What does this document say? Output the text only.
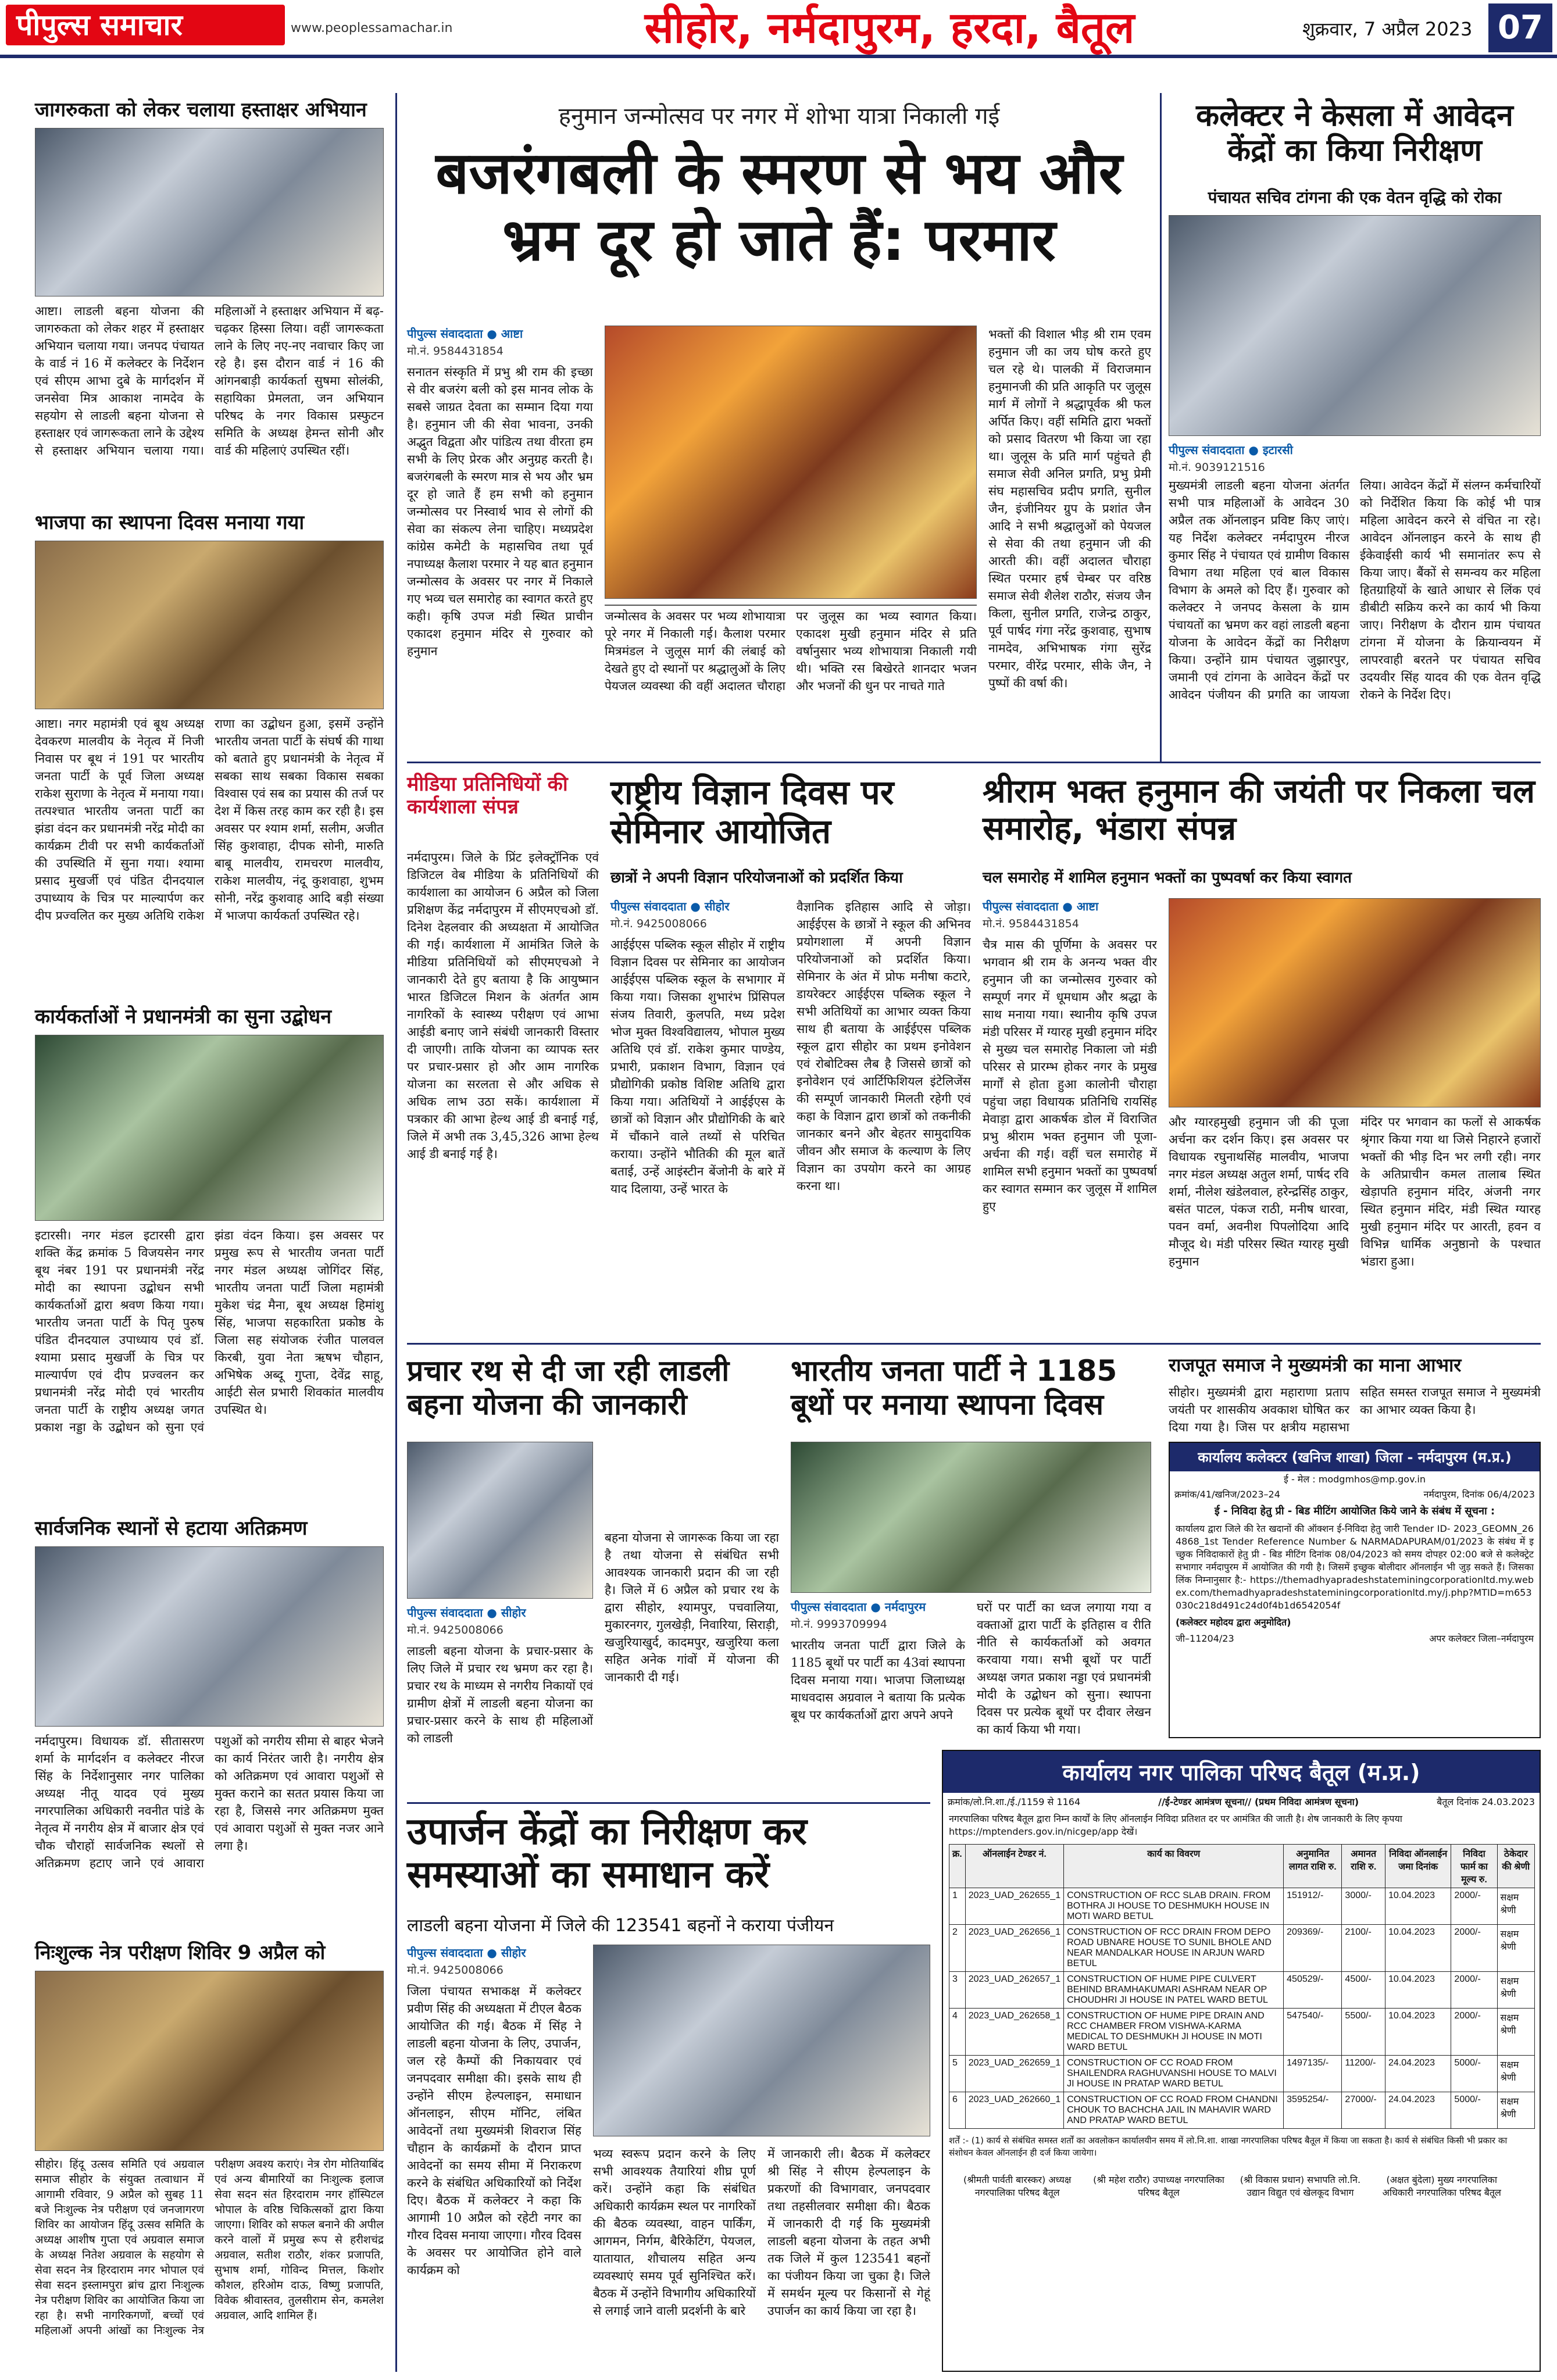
पीपुल्स समाचार	www.peoplessamachar.in	सीहोर, नर्मदापुरम, हरदा, बैतूल	शुक्रवार, 7 अप्रैल 2023 07
जागरुकता को लेकर चलाया हस्ताक्षर अभियान
आष्टा। लाडली बहना योजना की जागरुकता को लेकर शहर में हस्ताक्षर अभियान चलाया गया। जनपद पंचायत के वार्ड नं 16 में कलेक्टर के निर्देशन एवं सीएम आभा दुबे के मार्गदर्शन में जनसेवा मित्र आकाश नामदेव के सहयोग से लाडली बहना योजना से हस्ताक्षर एवं जागरूकता लाने के उद्देश्य से हस्ताक्षर अभियान चलाया गया। महिलाओं ने हस्ताक्षर अभियान में बढ़-चढ़कर हिस्सा लिया। वहीं जागरूकता लाने के लिए नए-नए नवाचार किए जा रहे है। इस दौरान वार्ड नं 16 की आंगनबाड़ी कार्यकर्ता सुषमा सोलंकी, सहायिका प्रेमलता, जन अभियान परिषद के नगर विकास प्रस्फुटन समिति के अध्यक्ष हेमन्त सोनी और वार्ड की महिलाएं उपस्थित रहीं।
भाजपा का स्थापना दिवस मनाया गया
आष्टा। नगर महामंत्री एवं बूथ अध्यक्ष देवकरण मालवीय के नेतृत्व में निजी निवास पर बूथ नं 191 पर भारतीय जनता पार्टी के पूर्व जिला अध्यक्ष राकेश सुराणा के नेतृत्व में मनाया गया। तत्पश्चात भारतीय जनता पार्टी का झंडा वंदन कर प्रधानमंत्री नरेंद्र मोदी का कार्यक्रम टीवी पर सभी कार्यकर्ताओं की उपस्थिति में सुना गया। श्यामा प्रसाद मुखर्जी एवं पंडित दीनदयाल उपाध्याय के चित्र पर माल्यार्पण कर दीप प्रज्वलित कर मुख्य अतिथि राकेश राणा का उद्बोधन हुआ, इसमें उन्होंने भारतीय जनता पार्टी के संघर्ष की गाथा को बताते हुए प्रधानमंत्री के नेतृत्व में सबका साथ सबका विकास सबका विश्वास एवं सब का प्रयास की तर्ज पर देश में किस तरह काम कर रही है। इस अवसर पर श्याम शर्मा, सलीम, अजीत सिंह कुशवाहा, दीपक सोनी, मारुति बाबू मालवीय, रामचरण मालवीय, राकेश मालवीय, नंदू कुशवाहा, शुभम सोनी, नरेंद्र कुशवाह आदि बड़ी संख्या में भाजपा कार्यकर्ता उपस्थित रहे।
कार्यकर्ताओं ने प्रधानमंत्री का सुना उद्बोधन
इटारसी। नगर मंडल इटारसी द्वारा शक्ति केंद्र क्रमांक 5 विजयसेन नगर बूथ नंबर 191 पर प्रधानमंत्री नरेंद्र मोदी का स्थापना उद्बोधन सभी कार्यकर्ताओं द्वारा श्रवण किया गया। भारतीय जनता पार्टी के पितृ पुरुष पंडित दीनदयाल उपाध्याय एवं डॉ. श्यामा प्रसाद मुखर्जी के चित्र पर माल्यार्पण एवं दीप प्रज्वलन कर प्रधानमंत्री नरेंद्र मोदी एवं भारतीय जनता पार्टी के राष्ट्रीय अध्यक्ष जगत प्रकाश नड्डा के उद्बोधन को सुना एवं झंडा वंदन किया। इस अवसर पर प्रमुख रूप से भारतीय जनता पार्टी नगर मंडल अध्यक्ष जोगिंदर सिंह, भारतीय जनता पार्टी जिला महामंत्री मुकेश चंद्र मैना, बूथ अध्यक्ष हिमांशु सिंह, भाजपा सहकारिता प्रकोष्ठ के जिला सह संयोजक रंजीत पालवल किरबी, युवा नेता ऋषभ चौहान, अभिषेक अब्दू गुप्ता, देवेंद्र साहू, आईटी सेल प्रभारी शिवकांत मालवीय उपस्थित थे।
सार्वजनिक स्थानों से हटाया अतिक्रमण
नर्मदापुरम। विधायक डॉ. सीतासरण शर्मा के मार्गदर्शन व कलेक्टर नीरज सिंह के निर्देशानुसार नगर पालिका अध्यक्ष नीतू यादव एवं मुख्य नगरपालिका अधिकारी नवनीत पांडे के नेतृत्व में नगरीय क्षेत्र में बाजार क्षेत्र एवं चौक चौराहों सार्वजनिक स्थलों से अतिक्रमण हटाए जाने एवं आवारा पशुओं को नगरीय सीमा से बाहर भेजने का कार्य निरंतर जारी है। नगरीय क्षेत्र को अतिक्रमण एवं आवारा पशुओं से मुक्त कराने का सतत प्रयास किया जा रहा है, जिससे नगर अतिक्रमण मुक्त एवं आवारा पशुओं से मुक्त नजर आने लगा है।
निःशुल्क नेत्र परीक्षण शिविर 9 अप्रैल को
सीहोर। हिंदू उत्सव समिति एवं अग्रवाल समाज सीहोर के संयुक्त तत्वाधान में आगामी रविवार, 9 अप्रैल को सुबह 11 बजे निःशुल्क नेत्र परीक्षण एवं जनजागरण शिविर का आयोजन हिंदू उत्सव समिति के अध्यक्ष आशीष गुप्ता एवं अग्रवाल समाज के अध्यक्ष नितेश अग्रवाल के सहयोग से सेवा सदन नेत्र हिरदाराम नगर भोपाल एवं सेवा सदन इस्लामपुरा ब्रांच द्वारा निःशुल्क नेत्र परीक्षण शिविर का आयोजित किया जा रहा है। सभी नागरिकगणों, बच्चों एवं महिलाओं अपनी आंखों का निःशुल्क नेत्र परीक्षण अवश्य कराएं। नेत्र रोग मोतियाबिंद एवं अन्य बीमारियों का निःशुल्क इलाज सेवा सदन संत हिरदाराम नगर हॉस्पिटल भोपाल के वरिष्ठ चिकित्सकों द्वारा किया जाएगा। शिविर को सफल बनाने की अपील करने वालों में प्रमुख रूप से हरीशचंद्र अग्रवाल, सतीश राठौर, शंकर प्रजापति, सुभाष शर्मा, गोविन्द मित्तल, किशोर कौशल, हरिओम दाऊ, विष्णु प्रजापति, विवेक श्रीवास्तव, तुलसीराम सेन, कमलेश अग्रवाल, आदि शामिल हैं।
हनुमान जन्मोत्सव पर नगर में शोभा यात्रा निकाली गई
बजरंगबली के स्मरण से भय और भ्रम दूर हो जाते हैं: परमार
पीपुल्स संवाददाता ● आष्टा
मो.नं. 9584431854
सनातन संस्कृति में प्रभु श्री राम की इच्छा से वीर बजरंग बली को इस मानव लोक के सबसे जाग्रत देवता का सम्मान दिया गया है। हनुमान जी की सेवा भावना, उनकी अद्भुत विद्वता और पांडित्य तथा वीरता हम सभी के लिए प्रेरक और अनुग्रह करती है। बजरंगबली के स्मरण मात्र से भय और भ्रम दूर हो जाते हैं हम सभी को हनुमान जन्मोत्सव पर निस्वार्थ भाव से लोगों की सेवा का संकल्प लेना चाहिए। मध्यप्रदेश कांग्रेस कमेटी के महासचिव तथा पूर्व नपाध्यक्ष कैलाश परमार ने यह बात हनुमान जन्मोत्सव के अवसर पर नगर में निकाले गए भव्य चल समारोह का स्वागत करते हुए कही। कृषि उपज मंडी स्थित प्राचीन एकादश हनुमान मंदिर से गुरुवार को हनुमान
जन्मोत्सव के अवसर पर भव्य शोभायात्रा पूरे नगर में निकाली गई। कैलाश परमार मित्रमंडल ने जुलूस मार्ग की लंबाई को देखते हुए दो स्थानों पर श्रद्धालुओं के लिए पेयजल व्यवस्था की वहीं अदालत चौराहा पर जुलूस का भव्य स्वागत किया। एकादश मुखी हनुमान मंदिर से प्रति वर्षानुसार भव्य शोभायात्रा निकाली गयी थी। भक्ति रस बिखेरते शानदार भजन और भजनों की धुन पर नाचते गाते
भक्तों की विशाल भीड़ श्री राम एवम हनुमान जी का जय घोष करते हुए चल रहे थे। पालकी में विराजमान हनुमानजी की प्रति आकृति पर जुलूस मार्ग में लोगों ने श्रद्धापूर्वक श्री फल अर्पित किए। वहीं समिति द्वारा भक्तों को प्रसाद वितरण भी किया जा रहा था। जुलूस के प्रति मार्ग पहुंचते ही समाज सेवी अनिल प्रगति, प्रभु प्रेमी संघ महासचिव प्रदीप प्रगति, सुनील जैन, इंजीनियर ग्रुप के प्रशांत जैन आदि ने सभी श्रद्धालुओं को पेयजल से सेवा की तथा हनुमान जी की आरती की। वहीं अदालत चौराहा स्थित परमार हर्ष चेम्बर पर वरिष्ठ समाज सेवी शैलेश राठौर, संजय जैन किला, सुनील प्रगति, राजेन्द्र ठाकुर, पूर्व पार्षद गंगा नरेंद्र कुशवाह, सुभाष नामदेव, अभिभाषक गंगा सुरेंद्र परमार, वीरेंद्र परमार, सीके जैन, ने पुष्पों की वर्षा की।
कलेक्टर ने केसला में आवेदन केंद्रों का किया निरीक्षण
पंचायत सचिव टांगना की एक वेतन वृद्धि को रोका
पीपुल्स संवाददाता ● इटारसी
मो.नं. 9039121516
मुख्यमंत्री लाडली बहना योजना अंतर्गत सभी पात्र महिलाओं के आवेदन 30 अप्रैल तक ऑनलाइन प्रविष्ट किए जाएं। यह निर्देश कलेक्टर नर्मदापुरम नीरज कुमार सिंह ने पंचायत एवं ग्रामीण विकास विभाग तथा महिला एवं बाल विकास विभाग के अमले को दिए हैं। गुरुवार को कलेक्टर ने जनपद केसला के ग्राम पंचायतों का भ्रमण कर वहां लाडली बहना योजना के आवेदन केंद्रों का निरीक्षण किया। उन्होंने ग्राम पंचायत जुझारपुर, जमानी एवं टांगना के आवेदन केंद्रों पर आवेदन पंजीयन की प्रगति का जायजा लिया। आवेदन केंद्रों में संलग्न कर्मचारियों को निर्देशित किया कि कोई भी पात्र महिला आवेदन करने से वंचित ना रहे। आवेदन ऑनलाइन करने के साथ ही ईकेवाईसी कार्य भी समानांतर रूप से किया जाए। बैंकों से समन्वय कर महिला हितग्राहियों के खाते आधार से लिंक एवं डीबीटी सक्रिय करने का कार्य भी किया जाए। निरीक्षण के दौरान ग्राम पंचायत टांगना में योजना के क्रियान्वयन में लापरवाही बरतने पर पंचायत सचिव उदयवीर सिंह यादव की एक वेतन वृद्धि रोकने के निर्देश दिए।
मीडिया प्रतिनिधियों की कार्यशाला संपन्न
नर्मदापुरम। जिले के प्रिंट इलेक्ट्रॉनिक एवं डिजिटल वेब मीडिया के प्रतिनिधियों की कार्यशाला का आयोजन 6 अप्रैल को जिला प्रशिक्षण केंद्र नर्मदापुरम में सीएमएचओ डॉ. दिनेश देहलवार की अध्यक्षता में आयोजित की गई। कार्यशाला में आमंत्रित जिले के मीडिया प्रतिनिधियों को सीएमएचओ ने जानकारी देते हुए बताया है कि आयुष्मान भारत डिजिटल मिशन के अंतर्गत आम नागरिकों के स्वास्थ्य परीक्षण एवं आभा आईडी बनाए जाने संबंधी जानकारी विस्तार दी जाएगी। ताकि योजना का व्यापक स्तर पर प्रचार-प्रसार हो और आम नागरिक योजना का सरलता से और अधिक से अधिक लाभ उठा सकें। कार्यशाला में पत्रकार की आभा हेल्थ आई डी बनाई गई, जिले में अभी तक 3,45,326 आभा हेल्थ आई डी बनाई गई है।
राष्ट्रीय विज्ञान दिवस पर सेमिनार आयोजित
छात्रों ने अपनी विज्ञान परियोजनाओं को प्रदर्शित किया
पीपुल्स संवाददाता ● सीहोर
मो.नं. 9425008066
आईईएस पब्लिक स्कूल सीहोर में राष्ट्रीय विज्ञान दिवस पर सेमिनार का आयोजन आईईएस पब्लिक स्कूल के सभागार में किया गया। जिसका शुभारंभ प्रिंसिपल संजय तिवारी, कुलपति, मध्य प्रदेश भोज मुक्त विश्वविद्यालय, भोपाल मुख्य अतिथि एवं डॉ. राकेश कुमार पाण्डेय, प्रभारी, प्रकाशन विभाग, विज्ञान एवं प्रौद्योगिकी प्रकोष्ठ विशिष्ट अतिथि द्वारा किया गया। अतिथियों ने आईईएस के छात्रों को विज्ञान और प्रौद्योगिकी के बारे में चौंकाने वाले तथ्यों से परिचित कराया। उन्होंने भौतिकी की मूल बातें बताई, उन्हें आइंस्टीन बेंजोनी के बारे में याद दिलाया, उन्हें भारत के
वैज्ञानिक इतिहास आदि से जोड़ा। आईईएस के छात्रों ने स्कूल की अभिनव प्रयोगशाला में अपनी विज्ञान परियोजनाओं को प्रदर्शित किया। सेमिनार के अंत में प्रोफ मनीषा कटारे, डायरेक्टर आईईएस पब्लिक स्कूल ने सभी अतिथियों का आभार व्यक्त किया साथ ही बताया के आईईएस पब्लिक स्कूल द्वारा सीहोर का प्रथम इनोवेशन एवं रोबोटिक्स लैब है जिससे छात्रों को इनोवेशन एवं आर्टिफिशियल इंटेलिजेंस की सम्पूर्ण जानकारी मिलती रहेगी एवं कहा के विज्ञान द्वारा छात्रों को तकनीकी जानकार बनने और बेहतर सामुदायिक जीवन और समाज के कल्याण के लिए विज्ञान का उपयोग करने का आग्रह करना था।
श्रीराम भक्त हनुमान की जयंती पर निकला चल समारोह, भंडारा संपन्न
चल समारोह में शामिल हनुमान भक्तों का पुष्पवर्षा कर किया स्वागत
पीपुल्स संवाददाता ● आष्टा
मो.नं. 9584431854
चैत्र मास की पूर्णिमा के अवसर पर भगवान श्री राम के अनन्य भक्त वीर हनुमान जी का जन्मोत्सव गुरुवार को सम्पूर्ण नगर में धूमधाम और श्रद्धा के साथ मनाया गया। स्थानीय कृषि उपज मंडी परिसर में ग्यारह मुखी हनुमान मंदिर से मुख्य चल समारोह निकाला जो मंडी परिसर से प्रारम्भ होकर नगर के प्रमुख मार्गों से होता हुआ कालोनी चौराहा पहुंचा जहा विधायक प्रतिनिधि रायसिंह मेवाड़ा द्वारा आकर्षक डोल में विराजित प्रभु श्रीराम भक्त हनुमान जी पूजा-अर्चना की गई। वहीं चल समारोह में शामिल सभी हनुमान भक्तों का पुष्पवर्षा कर स्वागत सम्मान कर जुलूस में शामिल हुए
और ग्यारहमुखी हनुमान जी की पूजा अर्चना कर दर्शन किए। इस अवसर पर विधायक रघुनाथसिंह मालवीय, भाजपा नगर मंडल अध्यक्ष अतुल शर्मा, पार्षद रवि शर्मा, नीलेश खंडेलवाल, हरेन्द्रसिंह ठाकुर, बसंत पाटल, पंकज राठी, मनीष धारवा, पवन वर्मा, अवनीश पिपलोदिया आदि मौजूद थे। मंडी परिसर स्थित ग्यारह मुखी हनुमान
मंदिर पर भगवान का फलों से आकर्षक श्रृंगार किया गया था जिसे निहारने हजारों भक्तों की भीड़ दिन भर लगी रही। नगर के अतिप्राचीन कमल तालाब स्थित खेड़ापति हनुमान मंदिर, अंजनी नगर स्थित हनुमान मंदिर, मंडी स्थित ग्यारह मुखी हनुमान मंदिर पर आरती, हवन व विभिन्न धार्मिक अनुष्ठानो के पश्चात भंडारा हुआ।
प्रचार रथ से दी जा रही लाडली बहना योजना की जानकारी
पीपुल्स संवाददाता ● सीहोर
मो.नं. 9425008066
लाडली बहना योजना के प्रचार-प्रसार के लिए जिले में प्रचार रथ भ्रमण कर रहा है। प्रचार रथ के माध्यम से नगरीय निकायों एवं ग्रामीण क्षेत्रों में लाडली बहना योजना का प्रचार-प्रसार करने के साथ ही महिलाओं को लाडली
बहना योजना से जागरूक किया जा रहा है तथा योजना से संबंधित सभी आवश्यक जानकारी प्रदान की जा रही है। जिले में 6 अप्रैल को प्रचार रथ के द्वारा सीहोर, श्यामपुर, पचवालिया, मुकारनगर, गुलखेड़ी, निवारिया, सिराड़ी, खजुरियाखुर्द, कादमपुर, खजुरिया कला सहित अनेक गांवों में योजना की जानकारी दी गई।
भारतीय जनता पार्टी ने 1185 बूथों पर मनाया स्थापना दिवस
पीपुल्स संवाददाता ● नर्मदापुरम
मो.नं. 9993709994
भारतीय जनता पार्टी द्वारा जिले के 1185 बूथों पर पार्टी का 43वां स्थापना दिवस मनाया गया। भाजपा जिलाध्यक्ष माधवदास अग्रवाल ने बताया कि प्रत्येक बूथ पर कार्यकर्ताओं द्वारा अपने अपने
घरों पर पार्टी का ध्वज लगाया गया व वक्ताओं द्वारा पार्टी के इतिहास व रीति नीति से कार्यकर्ताओं को अवगत करवाया गया। सभी बूथों पर पार्टी अध्यक्ष जगत प्रकाश नड्डा एवं प्रधानमंत्री मोदी के उद्बोधन को सुना। स्थापना दिवस पर प्रत्येक बूथों पर दीवार लेखन का कार्य किया भी गया।
राजपूत समाज ने मुख्यमंत्री का माना आभार
सीहोर। मुख्यमंत्री द्वारा महाराणा प्रताप जयंती पर शासकीय अवकाश घोषित कर दिया गया है। जिस पर क्षत्रीय महासभा सहित समस्त राजपूत समाज ने मुख्यमंत्री का आभार व्यक्त किया है।
कार्यालय कलेक्टर (खनिज शाखा) जिला - नर्मदापुरम (म.प्र.)
ई - मेल : modgmhos@mp.gov.in
क्रमांक/41/खनिज/2023–24	नर्मदापुरम, दिनांक 06/4/2023
ई - निविदा हेतु प्री - बिड मीटिंग आयोजित किये जाने के संबंध में सूचना :
कार्यालय द्वारा जिले की रेत खदानों की ऑक्शन ई-निविदा हेतु जारी Tender ID- 2023_GEOMN_264868_1st Tender Reference Number & NARMADAPURAM/01/2023 के संबंध में इच्छुक निविदाकारों हेतु प्री - बिड मीटिंग दिनांक 08/04/2023 को समय दोपहर 02:00 बजे से कलेक्ट्रेट सभागार नर्मदापुरम में आयोजित की गयी है। जिसमें इच्छुक बोलीदार ऑनलाईन भी जुड़ सकते हैं। जिसका लिंक निम्नानुसार है:- https://themadhyapradeshstateminingcorporationltd.my.webex.com/themadhyapradeshstateminingcorporationltd.my/j.php?MTID=m653030c218d491c24d0f4b1d6542054f
(कलेक्टर महोदय द्वारा अनुमोदित)
जी–11204/23	अपर कलेक्टर जिला–नर्मदापुरम
उपार्जन केंद्रों का निरीक्षण कर समस्याओं का समाधान करें
लाडली बहना योजना में जिले की 123541 बहनों ने कराया पंजीयन
पीपुल्स संवाददाता ● सीहोर
मो.नं. 9425008066
जिला पंचायत सभाकक्ष में कलेक्टर प्रवीण सिंह की अध्यक्षता में टीएल बैठक आयोजित की गई। बैठक में सिंह ने लाडली बहना योजना के लिए, उपार्जन, जल रहे कैम्पों की निकायवार एवं जनपदवार समीक्षा की। इसके साथ ही उन्होंने सीएम हेल्पलाइन, समाधान ऑनलाइन, सीएम मॉनिट, लंबित आवेदनों तथा मुख्यमंत्री शिवराज सिंह चौहान के कार्यक्रमों के दौरान प्राप्त आवेदनों का समय सीमा में निराकरण करने के संबंधित अधिकारियों को निर्देश दिए। बैठक में कलेक्टर ने कहा कि आगामी 10 अप्रैल को रहेटी नगर का गौरव दिवस मनाया जाएगा। गौरव दिवस के अवसर पर आयोजित होने वाले कार्यक्रम को
भव्य स्वरूप प्रदान करने के लिए सभी आवश्यक तैयारियां शीघ्र पूर्ण करें। उन्होंने कहा कि संबंधित अधिकारी कार्यक्रम स्थल पर नागरिकों की बैठक व्यवस्था, वाहन पार्किंग, आगमन, निर्गम, बैरिकेटिंग, पेयजल, यातायात, शौचालय सहित अन्य व्यवस्थाएं समय पूर्व सुनिश्चित करें। बैठक में उन्होंने विभागीय अधिकारियों से लगाई जाने वाली प्रदर्शनी के बारे
में जानकारी ली। बैठक में कलेक्टर श्री सिंह ने सीएम हेल्पलाइन के प्रकरणों की विभागवार, जनपदवार तथा तहसीलवार समीक्षा की। बैठक में जानकारी दी गई कि मुख्यमंत्री लाडली बहना योजना के तहत अभी तक जिले में कुल 123541 बहनों का पंजीयन किया जा चुका है। जिले में समर्थन मूल्य पर किसानों से गेहूं उपार्जन का कार्य किया जा रहा है।
कार्यालय नगर पालिका परिषद बैतूल (म.प्र.)
क्रमांक/लो.नि.शा./ई./1159 से 1164	//ई-टेण्डर आमंत्रण सूचना// (प्रथम निविदा आमंत्रण सूचना)	बैतूल दिनांक 24.03.2023
नगरपालिका परिषद बैतूल द्वारा निम्न कार्यों के लिए ऑनलाईन निविदा प्रतिशत दर पर आमंत्रित की जाती है। शेष जानकारी के लिए कृपया https://mptenders.gov.in/nicgep/app देखें।
क्र.	ऑनलाईन टेण्डर नं.	कार्य का विवरण	अनुमानित लागत राशि रु.	अमानत राशि रु.	निविदा ऑनलाईन जमा दिनांक	निविदा फार्म का मूल्य रु.	ठेकेदार की श्रेणी
1	2023_UAD_262655_1	CONSTRUCTION OF RCC SLAB DRAIN. FROM BOTHRA JI HOUSE TO DESHMUKH HOUSE IN MOTI WARD BETUL	151912/-	3000/-	10.04.2023	2000/-	सक्षम श्रेणी
2	2023_UAD_262656_1	CONSTRUCTION OF RCC DRAIN FROM DEPO ROAD UBNARE HOUSE TO SUNIL BHOLE AND NEAR MANDALKAR HOUSE IN ARJUN WARD BETUL	209369/-	2100/-	10.04.2023	2000/-	सक्षम श्रेणी
3	2023_UAD_262657_1	CONSTRUCTION OF HUME PIPE CULVERT BEHIND BRAMHAKUMARI ASHRAM NEAR OP CHOUDHRI JI HOUSE IN PATEL WARD BETUL	450529/-	4500/-	10.04.2023	2000/-	सक्षम श्रेणी
4	2023_UAD_262658_1	CONSTRUCTION OF HUME PIPE DRAIN AND RCC CHAMBER FROM VISHWA-KARMA MEDICAL TO DESHMUKH JI HOUSE IN MOTI WARD BETUL	547540/-	5500/-	10.04.2023	2000/-	सक्षम श्रेणी
5	2023_UAD_262659_1	CONSTRUCTION OF CC ROAD FROM SHAILENDRA RAGHUVANSHI HOUSE TO MALVI JI HOUSE IN PRATAP WARD BETUL	1497135/-	11200/-	24.04.2023	5000/-	सक्षम श्रेणी
6	2023_UAD_262660_1	CONSTRUCTION OF CC ROAD FROM CHANDNI CHOUK TO BACHCHA JAIL IN MAHAVIR WARD AND PRATAP WARD BETUL	3595254/-	27000/-	24.04.2023	5000/-	सक्षम श्रेणी
शर्तें :- (1) कार्य से संबंधित समस्त शर्तों का अवलोकन कार्यालयीन समय में लो.नि.शा. शाखा नगरपालिका परिषद बैतूल में किया जा सकता है। कार्य से संबंधित किसी भी प्रकार का संशोधन केवल ऑनलाईन ही दर्ज किया जायेगा।
(श्रीमती पार्वती बारस्कर) अध्यक्ष नगरपालिका परिषद बैतूल(श्री महेश राठौर) उपाध्यक्ष नगरपालिका परिषद बैतूल(श्री विकास प्रधान) सभापति लो.नि. उद्यान विद्युत एवं खेलकूद विभाग(अक्षत बुंदेला) मुख्य नगरपालिका अधिकारी नगरपालिका परिषद बैतूल
